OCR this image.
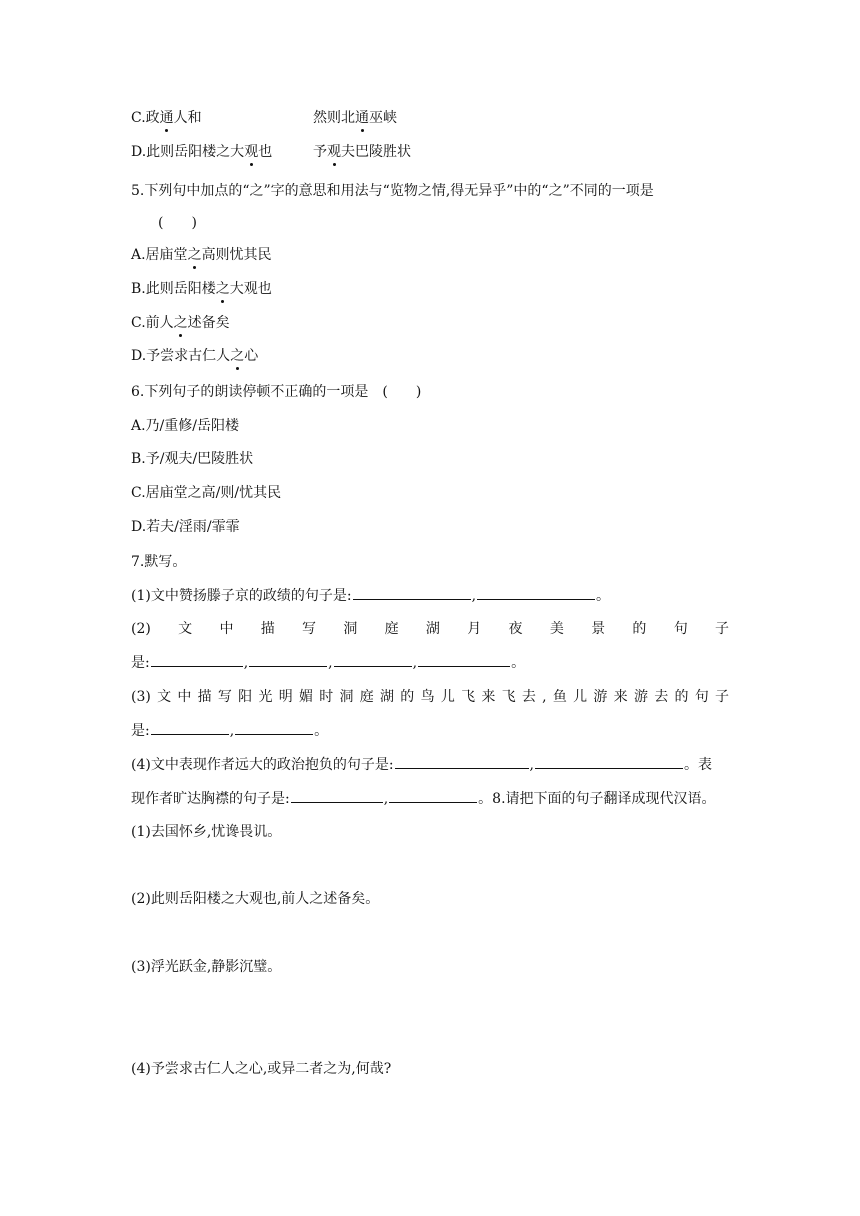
C.政通人和	然则北通巫峡
D.此则岳阳楼之大观也	予观夫巴陵胜状
5.下列句中加点的“之”字的意思和用法与“览物之情,得无异乎”中的“之”不同的一项是
(　　)
A.居庙堂之高则忧其民
B.此则岳阳楼之大观也
C.前人之述备矣
D.予尝求古仁人之心
6.下列句子的朗读停顿不正确的一项是　(　　)
A.乃/重修/岳阳楼
B.予/观夫/巴陵胜状
C.居庙堂之高/则/忧其民
D.若夫/淫雨/霏霏
7.默写。
(1)文中赞扬滕子京的政绩的句子是:	,	。
(2) 文 中 描 写 洞 庭 湖 月 夜 美 景 的 句 子
是:	,	,	,	。
(3) 文 中 描 写 阳 光 明 媚 时 洞 庭 湖 的 鸟 儿 飞 来 飞 去 , 鱼 儿 游 来 游 去 的 句 子
是:	,	。
(4)文中表现作者远大的政治抱负的句子是:	,	。表
现作者旷达胸襟的句子是:	,	。8.请把下面的句子翻译成现代汉语。
(1)去国怀乡,忧谗畏讥。
(2)此则岳阳楼之大观也,前人之述备矣。
(3)浮光跃金,静影沉璧。
(4)予尝求古仁人之心,或异二者之为,何哉?
